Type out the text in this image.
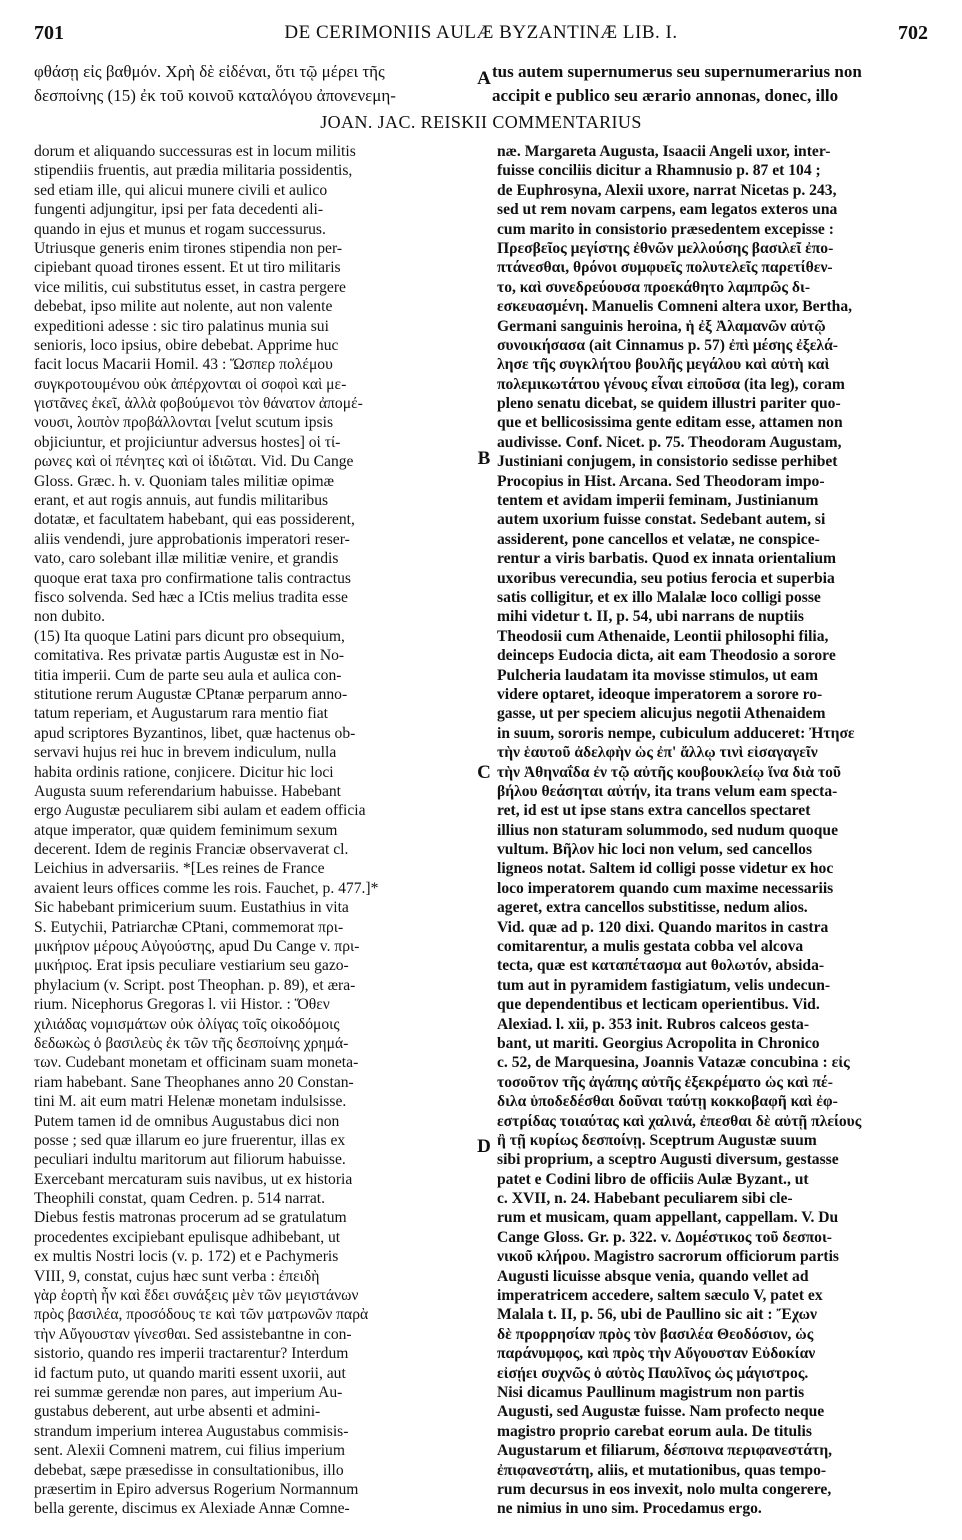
701	DE CERIMONIIS AULÆ BYZANTINÆ LIB. I.	702
φθάσῃ εἰς βαθμόν. Χρὴ δὲ εἰδέναι, ὅτι τῷ μέρει τῆς
δεσποίνης (15) ἐκ τοῦ κοινοῦ καταλόγου ἀπονενεμη-
tus autem supernumerus seu supernumerarius non
accipit e publico seu ærario annonas, donec, illo
JOAN. JAC. REISKII COMMENTARIUS
dorum et aliquando successuras est in locum militis
stipendiis fruentis, aut prædia militaria possidentis,
sed etiam ille, qui alicui munere civili et aulico
fungenti adjungitur, ipsi per fata decedenti ali-
quando in ejus et munus et rogam successurus.
Utriusque generis enim tirones stipendia non per-
cipiebant quoad tirones essent. Et ut tiro militaris
vice militis, cui substitutus esset, in castra pergere
debebat, ipso milite aut nolente, aut non valente
expeditioni adesse : sic tiro palatinus munia sui
senioris, loco ipsius, obire debebat. Apprime huc
facit locus Macarii Homil. 43 : Ὥσπερ πολέμου
συγκροτουμένου οὐκ ἀπέρχονται οἱ σοφοὶ καὶ με-
γιστᾶνες ἐκεῖ, ἀλλὰ φοβούμενοι τὸν θάνατον ἀπομέ-
νουσι, λοιπὸν προβάλλονται [velut scutum ipsis
objiciuntur, et projiciuntur adversus hostes] οἱ τί-
ρωνες καὶ οἱ πένητες καὶ οἱ ἰδιῶται. Vid. Du Cange
Gloss. Græc. h. v. Quoniam tales militiæ opimæ
erant, et aut rogis annuis, aut fundis militaribus
dotatæ, et facultatem habebant, qui eas possiderent,
aliis vendendi, jure approbationis imperatori reser-
vato, caro solebant illæ militiæ venire, et grandis
quoque erat taxa pro confirmatione talis contractus
fisco solvenda. Sed hæc a ICtis melius tradita esse
non dubito.
(15) Ita quoque Latini pars dicunt pro obsequium,
comitativa. Res privatæ partis Augustæ est in No-
titia imperii. Cum de parte seu aula et aulica con-
stitutione rerum Augustæ CPtanæ perparum anno-
tatum reperiam, et Augustarum rara mentio fiat
apud scriptores Byzantinos, libet, quæ hactenus ob-
servavi hujus rei huc in brevem indiculum, nulla
habita ordinis ratione, conjicere. Dicitur hic loci
Augusta suum referendarium habuisse. Habebant
ergo Augustæ peculiarem sibi aulam et eadem officia
atque imperator, quæ quidem feminimum sexum
decerent. Idem de reginis Franciæ observaverat cl.
Leichius in adversariis. *[Les reines de France
avaient leurs offices comme les rois. Fauchet, p. 477.]*
Sic habebant primicerium suum. Eustathius in vita
S. Eutychii, Patriarchæ CPtani, commemorat πρι-
μικήριον μέρους Αὐγούστης, apud Du Cange v. πρι-
μικήριος. Erat ipsis peculiare vestiarium seu gazo-
phylacium (v. Script. post Theophan. p. 89), et æra-
rium. Nicephorus Gregoras l. vii Histor. : Ὅθεν
χιλιάδας νομισμάτων οὐκ ὀλίγας τοῖς οἰκοδόμοις
δεδωκὼς ὁ βασιλεὺς ἐκ τῶν τῆς δεσποίνης χρημά-
των. Cudebant monetam et officinam suam moneta-
riam habebant. Sane Theophanes anno 20 Constan-
tini M. ait eum matri Helenæ monetam indulsisse.
Putem tamen id de omnibus Augustabus dici non
posse ; sed quæ illarum eo jure fruerentur, illas ex
peculiari indultu maritorum aut filiorum habuisse.
Exercebant mercaturam suis navibus, ut ex historia
Theophili constat, quam Cedren. p. 514 narrat.
Diebus festis matronas procerum ad se gratulatum
procedentes excipiebant epulisque adhibebant, ut
ex multis Nostri locis (v. p. 172) et e Pachymeris
VIII, 9, constat, cujus hæc sunt verba : ἐπειδὴ
γὰρ ἑορτὴ ἦν καὶ ἔδει συνάξεις μὲν τῶν μεγιστάνων
πρὸς βασιλέα, προσόδους τε καὶ τῶν ματρωνῶν παρὰ
τὴν Αὔγουσταν γίνεσθαι. Sed assistebantne in con-
sistorio, quando res imperii tractarentur? Interdum
id factum puto, ut quando mariti essent uxorii, aut
rei summæ gerendæ non pares, aut imperium Au-
gustabus deberent, aut urbe absenti et admini-
strandum imperium interea Augustabus commisis-
sent. Alexii Comneni matrem, cui filius imperium
debebat, sæpe præsedisse in consultationibus, illo
præsertim in Epiro adversus Rogerium Normannum
bella gerente, discimus ex Alexiade Annæ Comne-
næ. Margareta Augusta, Isaacii Angeli uxor, inter-
fuisse conciliis dicitur a Rhamnusio p. 87 et 104 ;
de Euphrosyna, Alexii uxore, narrat Nicetas p. 243,
sed ut rem novam carpens, eam legatos exteros una
cum marito in consistorio præsedentem excepisse :
Πρεσβεῖος μεγίστης ἐθνῶν μελλούσης βασιλεῖ ἐπο-
πτάνεσθαι, θρόνοι συμφυεῖς πολυτελεῖς παρετίθεν-
το, καὶ συνεδρεύουσα προεκάθητο λαμπρῶς δι-
εσκευασμένη. Manuelis Comneni altera uxor, Bertha,
Germani sanguinis heroina, ἡ ἐξ Ἀλαμανῶν αὐτῷ
συνοικήσασα (ait Cinnamus p. 57) ἐπὶ μέσης ἐξελά-
λησε τῆς συγκλήτου βουλῆς μεγάλου καὶ αὐτὴ καὶ
πολεμικωτάτου γένους εἶναι εἰποῦσα (ita leg), coram
pleno senatu dicebat, se quidem illustri pariter quo-
que et bellicosissima gente editam esse, attamen non
audivisse. Conf. Nicet. p. 75. Theodoram Augustam,
Justiniani conjugem, in consistorio sedisse perhibet
Procopius in Hist. Arcana. Sed Theodoram impo-
tentem et avidam imperii feminam, Justinianum
autem uxorium fuisse constat. Sedebant autem, si
assiderent, pone cancellos et velatæ, ne conspice-
rentur a viris barbatis. Quod ex innata orientalium
uxoribus verecundia, seu potius ferocia et superbia
satis colligitur, et ex illo Malalæ loco colligi posse
mihi videtur t. II, p. 54, ubi narrans de nuptiis
Theodosii cum Athenaide, Leontii philosophi filia,
deinceps Eudocia dicta, ait eam Theodosio a sorore
Pulcheria laudatam ita movisse stimulos, ut eam
videre optaret, ideoque imperatorem a sorore ro-
gasse, ut per speciem alicujus negotii Athenaidem
in suum, sororis nempe, cubiculum adduceret: Ἠτησε
τὴν ἑαυτοῦ ἀδελφὴν ὡς ἐπ' ἄλλῳ τινὶ εἰσαγαγεῖν
τὴν Ἀθηναΐδα ἐν τῷ αὐτῆς κουβουκλείῳ ἵνα διὰ τοῦ
βήλου θεάσηται αὐτήν, ita trans velum eam specta-
ret, id est ut ipse stans extra cancellos spectaret
illius non staturam solummodo, sed nudum quoque
vultum. Βῆλον hic loci non velum, sed cancellos
ligneos notat. Saltem id colligi posse videtur ex hoc
loco imperatorem quando cum maxime necessariis
ageret, extra cancellos substitisse, nedum alios.
Vid. quæ ad p. 120 dixi. Quando maritos in castra
comitarentur, a mulis gestata cobba vel alcova
tecta, quæ est καταπέτασμα aut θολωτόν, absida-
tum aut in pyramidem fastigiatum, velis undecun-
que dependentibus et lecticam operientibus. Vid.
Alexiad. l. xii, p. 353 init. Rubros calceos gesta-
bant, ut mariti. Georgius Acropolita in Chronico
c. 52, de Marquesina, Joannis Vatazæ concubina : εἰς
τοσοῦτον τῆς ἀγάπης αὐτῆς ἐξεκρέματο ὡς καὶ πέ-
διλα ὑποδεδέσθαι δοῦναι ταύτῃ κοκκοβαφῆ καὶ ἐφ-
εστρίδας τοιαύτας καὶ χαλινά, ἐπεσθαι δὲ αὐτῇ πλείους
ἢ τῇ κυρίως δεσποίνῃ. Sceptrum Augustæ suum
sibi proprium, a sceptro Augusti diversum, gestasse
patet e Codini libro de officiis Aulæ Byzant., ut
c. XVII, n. 24. Habebant peculiarem sibi cle-
rum et musicam, quam appellant, cappellam. V. Du
Cange Gloss. Gr. p. 322. v. Δομέστικος τοῦ δεσποι-
νικοῦ κλήρου. Magistro sacrorum officiorum partis
Augusti licuisse absque venia, quando vellet ad
imperatricem accedere, saltem sæculo V, patet ex
Malala t. II, p. 56, ubi de Paullino sic ait : Ἔχων
δὲ προρρησίαν πρὸς τὸν βασιλέα Θεοδόσιον, ὡς
παράνυμφος, καὶ πρὸς τὴν Αὔγουσταν Εὐδοκίαν
εἰσῄει συχνῶς ὁ αὐτὸς Παυλῖνος ὡς μάγιστρος.
Nisi dicamus Paullinum magistrum non partis
Augusti, sed Augustæ fuisse. Nam profecto neque
magistro proprio carebat eorum aula. De titulis
Augustarum et filiarum, δέσποινα περιφανεστάτη,
ἐπιφανεστάτη, aliis, et mutationibus, quas tempo-
rum decursus in eos invexit, nolo multa congerere,
ne nimius in uno sim. Procedamus ergo.
A
B
C
D
